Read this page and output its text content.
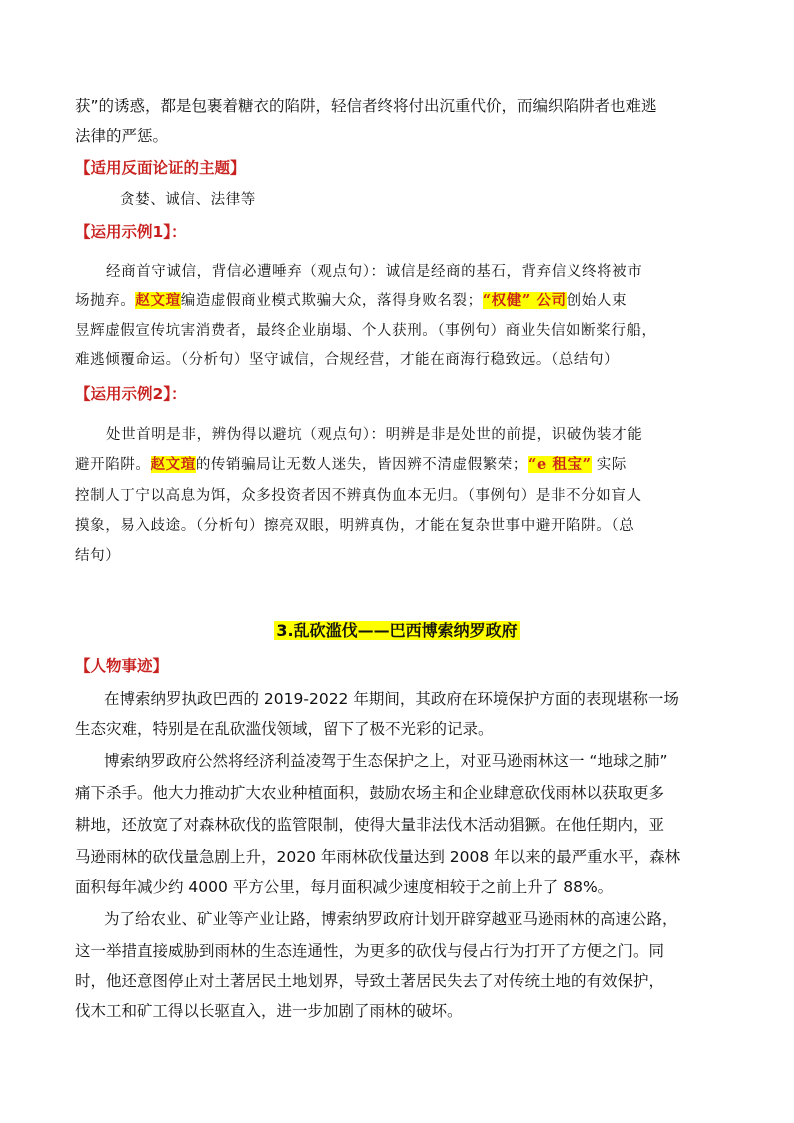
获”的诱惑，都是包裹着糖衣的陷阱，轻信者终将付出沉重代价，而编织陷阱者也难逃
法律的严惩。
【适用反面论证的主题】
贪婪、诚信、法律等
【运用示例1】：
经商首守诚信，背信必遭唾弃（观点句）：诚信是经商的基石，背弃信义终将被市
场抛弃。赵文瑄编造虚假商业模式欺骗大众，落得身败名裂；“权健” 公司创始人束
昱辉虚假宣传坑害消费者，最终企业崩塌、个人获刑。（事例句）商业失信如断桨行船，
难逃倾覆命运。（分析句）坚守诚信，合规经营，才能在商海行稳致远。（总结句）
【运用示例2】：
处世首明是非，辨伪得以避坑（观点句）：明辨是非是处世的前提，识破伪装才能
避开陷阱。赵文瑄的传销骗局让无数人迷失，皆因辨不清虚假繁荣；“e 租宝” 实际
控制人丁宁以高息为饵，众多投资者因不辨真伪血本无归。（事例句）是非不分如盲人
摸象，易入歧途。（分析句）擦亮双眼，明辨真伪，才能在复杂世事中避开陷阱。（总
结句）
3.乱砍滥伐——巴西博索纳罗政府
【人物事迹】
在博索纳罗执政巴西的 2019-2022 年期间，其政府在环境保护方面的表现堪称一场
生态灾难，特别是在乱砍滥伐领域，留下了极不光彩的记录。
博索纳罗政府公然将经济利益凌驾于生态保护之上，对亚马逊雨林这一 “地球之肺”
痛下杀手。他大力推动扩大农业种植面积，鼓励农场主和企业肆意砍伐雨林以获取更多
耕地，还放宽了对森林砍伐的监管限制，使得大量非法伐木活动猖獗。在他任期内，亚
马逊雨林的砍伐量急剧上升，2020 年雨林砍伐量达到 2008 年以来的最严重水平，森林
面积每年减少约 4000 平方公里，每月面积减少速度相较于之前上升了 88%。
为了给农业、矿业等产业让路，博索纳罗政府计划开辟穿越亚马逊雨林的高速公路，
这一举措直接威胁到雨林的生态连通性，为更多的砍伐与侵占行为打开了方便之门。同
时，他还意图停止对土著居民土地划界，导致土著居民失去了对传统土地的有效保护，
伐木工和矿工得以长驱直入，进一步加剧了雨林的破坏。
